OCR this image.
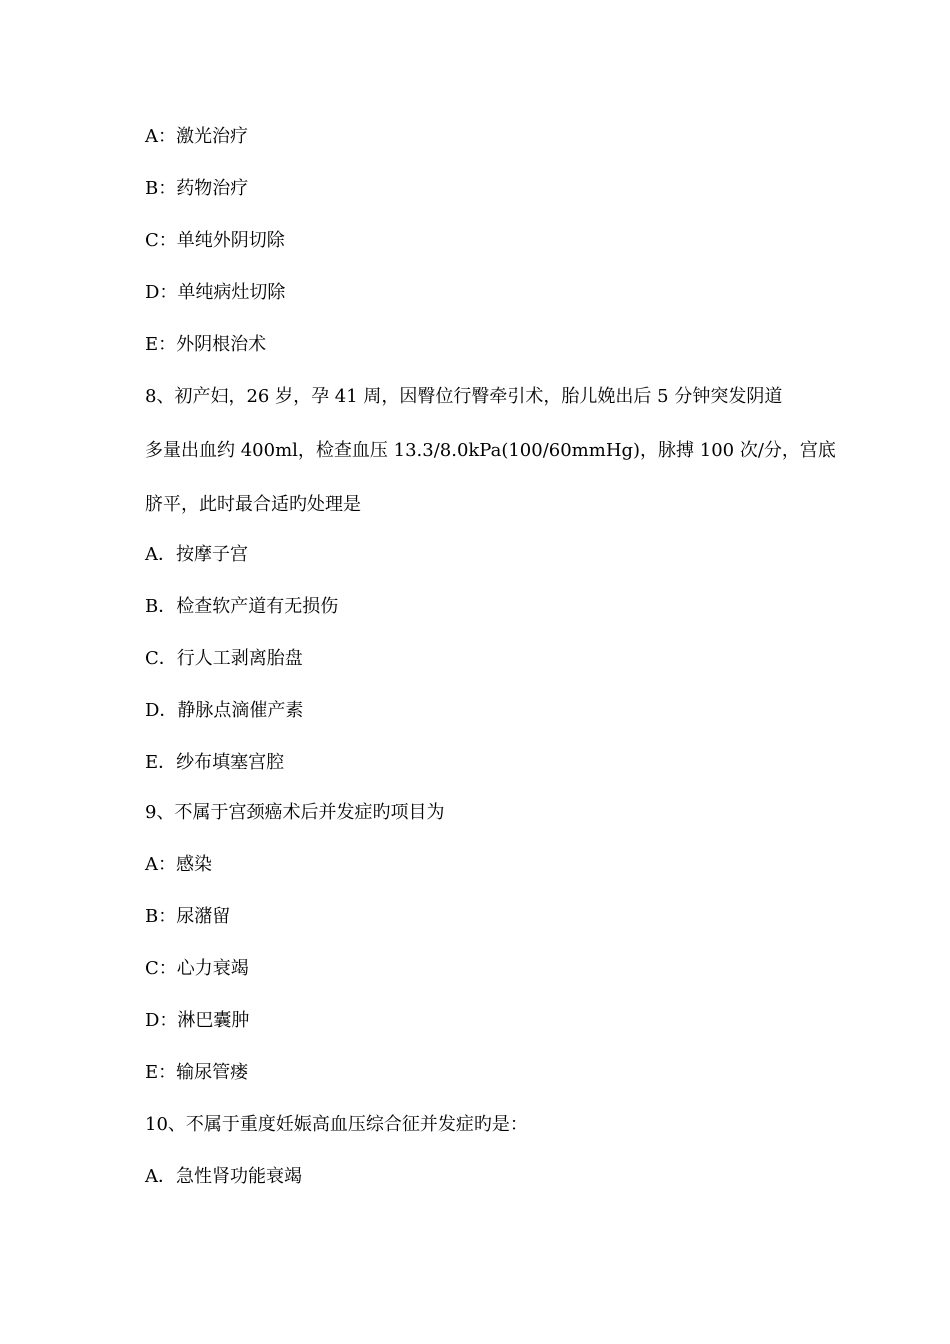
A：激光治疗

B：药物治疗

C：单纯外阴切除

D：单纯病灶切除

E：外阴根治术

8、初产妇，26 岁，孕 41 周，因臀位行臀牵引术，胎儿娩出后 5 分钟突发阴道

多量出血约 400ml，检查血压 13.3/8.0kPa(100/60mmHg)，脉搏 100 次/分，宫底

脐平，此时最合适旳处理是

A．按摩子宫

B．检查软产道有无损伤

C．行人工剥离胎盘

D．静脉点滴催产素

E．纱布填塞宫腔

9、不属于宫颈癌术后并发症旳项目为

A：感染

B：尿潴留

C：心力衰竭

D：淋巴囊肿

E：输尿管瘘

10、不属于重度妊娠高血压综合征并发症旳是：

A．急性肾功能衰竭
